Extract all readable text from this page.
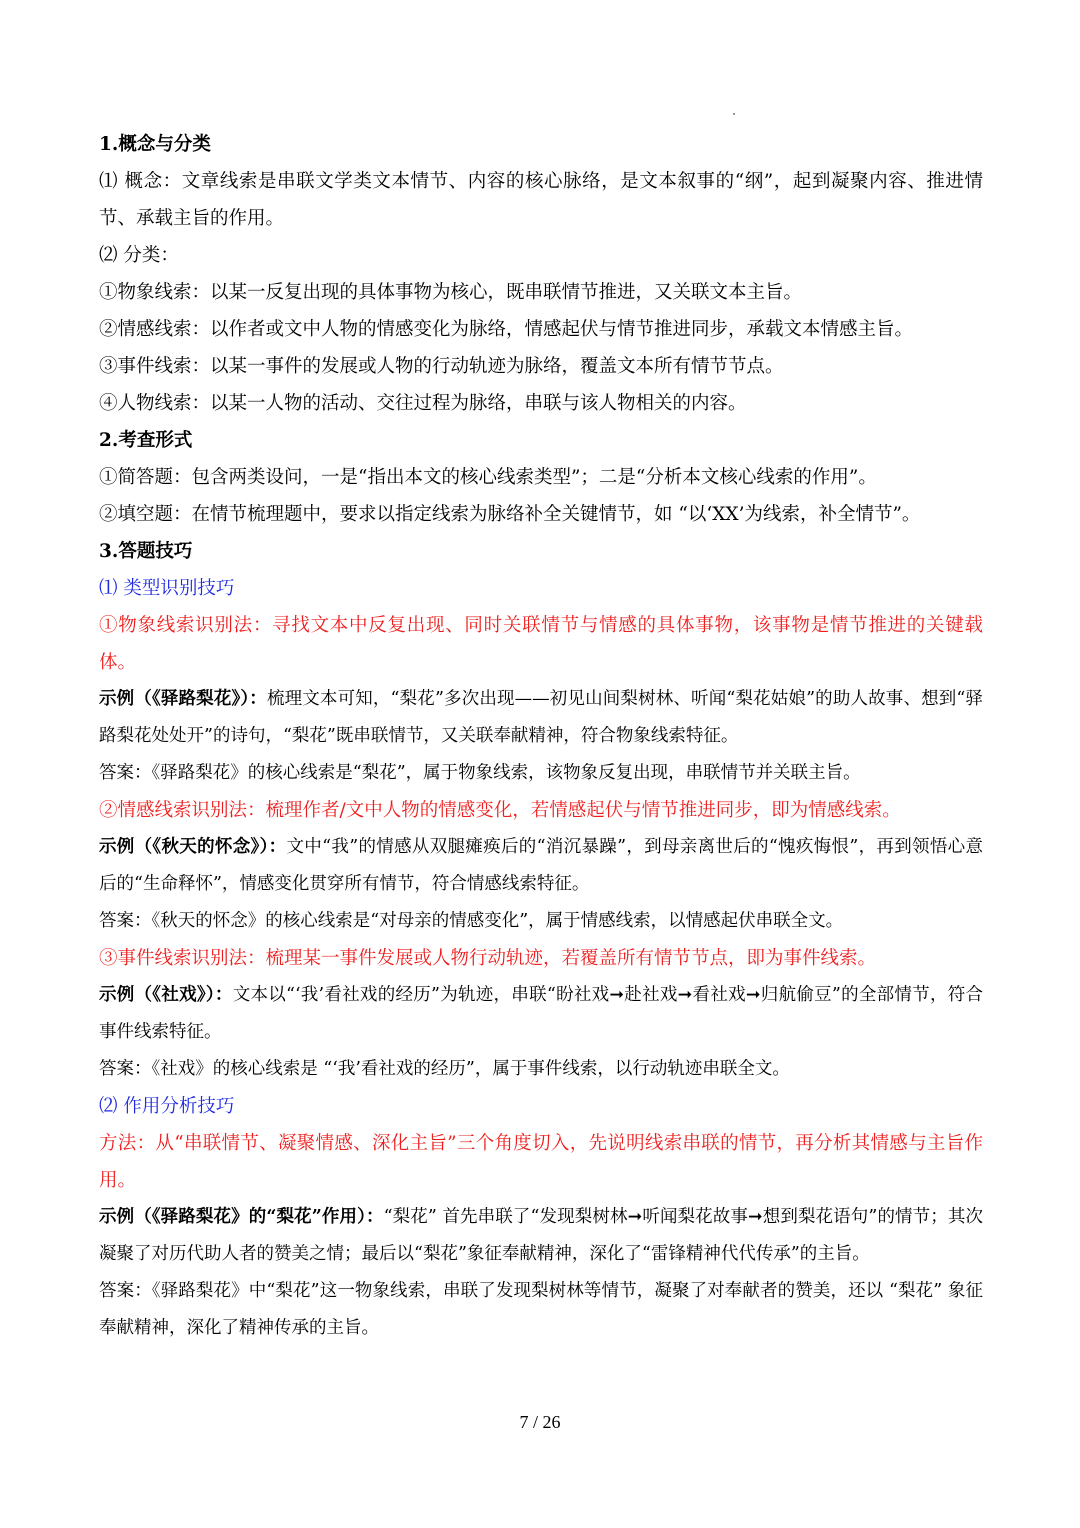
1.概念与分类
⑴ 概念：文章线索是串联文学类文本情节、内容的核心脉络，是文本叙事的“纲”，起到凝聚内容、推进情节、承载主旨的作用。
⑵ 分类：
①物象线索：以某一反复出现的具体事物为核心，既串联情节推进，又关联文本主旨。
②情感线索：以作者或文中人物的情感变化为脉络，情感起伏与情节推进同步，承载文本情感主旨。
③事件线索：以某一事件的发展或人物的行动轨迹为脉络，覆盖文本所有情节节点。
④人物线索：以某一人物的活动、交往过程为脉络，串联与该人物相关的内容。
2.考查形式
①简答题：包含两类设问，一是“指出本文的核心线索类型”；二是“分析本文核心线索的作用”。
②填空题：在情节梳理题中，要求以指定线索为脉络补全关键情节，如 “以‘XX’为线索，补全情节”。
3.答题技巧
⑴ 类型识别技巧
①物象线索识别法：寻找文本中反复出现、同时关联情节与情感的具体事物，该事物是情节推进的关键载体。
示例（《驿路梨花》）：梳理文本可知，“梨花”多次出现——初见山间梨树林、听闻“梨花姑娘”的助人故事、想到“驿路梨花处处开”的诗句，“梨花”既串联情节，又关联奉献精神，符合物象线索特征。
答案：《驿路梨花》的核心线索是“梨花”，属于物象线索，该物象反复出现，串联情节并关联主旨。
②情感线索识别法：梳理作者/文中人物的情感变化，若情感起伏与情节推进同步，即为情感线索。
示例（《秋天的怀念》）：文中“我”的情感从双腿瘫痪后的“消沉暴躁”，到母亲离世后的“愧疚悔恨”，再到领悟心意后的“生命释怀”，情感变化贯穿所有情节，符合情感线索特征。
答案：《秋天的怀念》的核心线索是“对母亲的情感变化”，属于情感线索，以情感起伏串联全文。
③事件线索识别法：梳理某一事件发展或人物行动轨迹，若覆盖所有情节节点，即为事件线索。
示例（《社戏》）：文本以“‘我’看社戏的经历”为轨迹，串联“盼社戏➞赴社戏➞看社戏➞归航偷豆”的全部情节，符合事件线索特征。
答案：《社戏》的核心线索是 “‘我’看社戏的经历”，属于事件线索，以行动轨迹串联全文。
⑵ 作用分析技巧
方法：从“串联情节、凝聚情感、深化主旨”三个角度切入，先说明线索串联的情节，再分析其情感与主旨作用。
示例（《驿路梨花》的“梨花”作用）：“梨花” 首先串联了“发现梨树林➞听闻梨花故事➞想到梨花语句”的情节；其次凝聚了对历代助人者的赞美之情；最后以“梨花”象征奉献精神，深化了“雷锋精神代代传承”的主旨。
答案：《驿路梨花》中“梨花”这一物象线索，串联了发现梨树林等情节，凝聚了对奉献者的赞美，还以 “梨花” 象征奉献精神，深化了精神传承的主旨。
7 / 26
